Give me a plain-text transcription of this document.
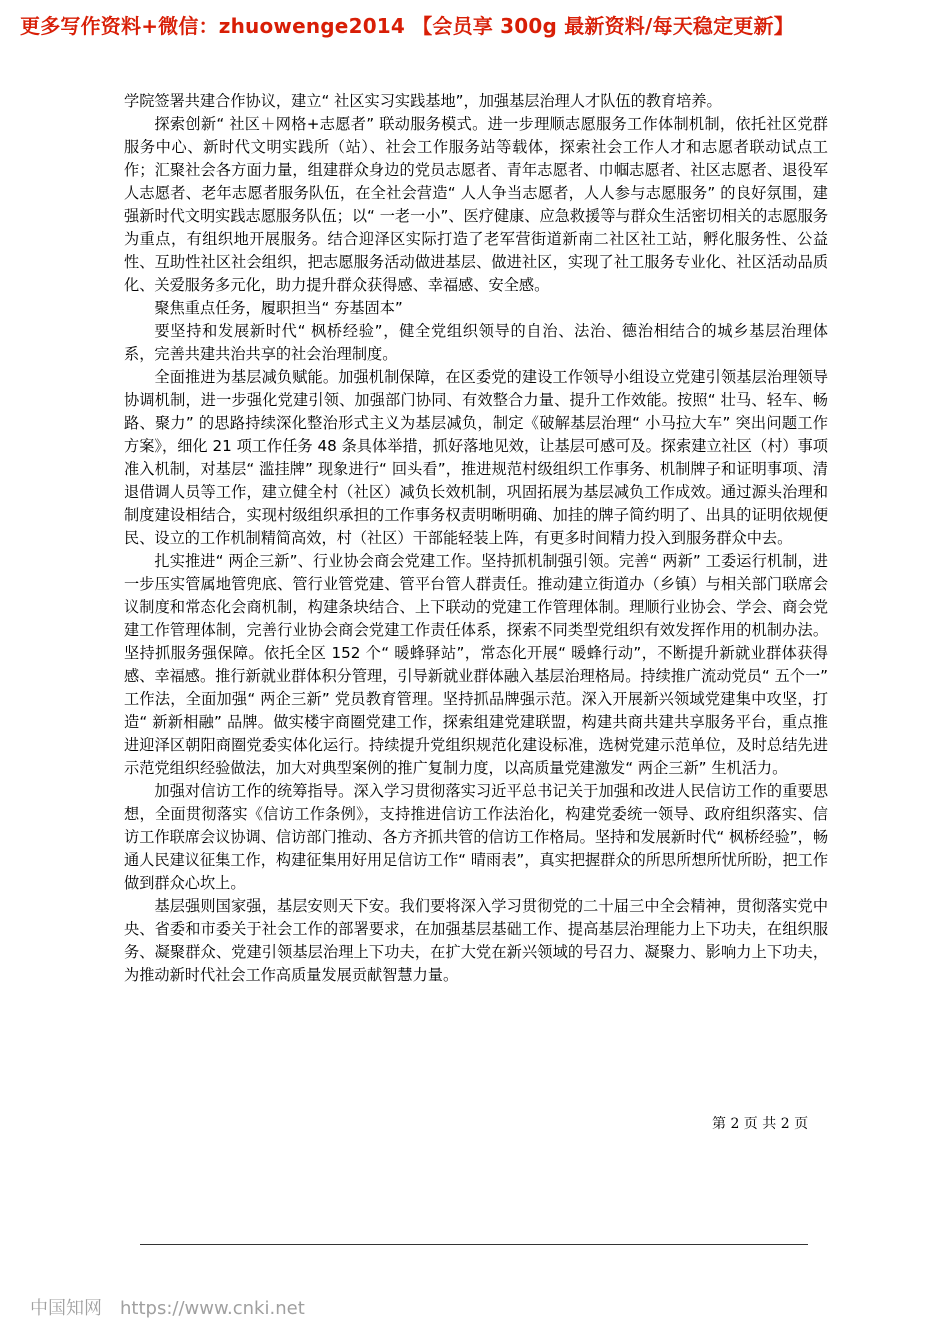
更多写作资料+微信：zhuowenge2014 【会员享 300g 最新资料/每天稳定更新】

学院签署共建合作协议，建立“ 社区实习实践基地”，加强基层治理人才队伍的教育培养。

探索创新“ 社区＋网格+志愿者” 联动服务模式。进一步理顺志愿服务工作体制机制，依托社区党群服务中心、新时代文明实践所（站）、社会工作服务站等载体，探索社会工作人才和志愿者联动试点工作；汇聚社会各方面力量，组建群众身边的党员志愿者、青年志愿者、巾帼志愿者、社区志愿者、退役军人志愿者、老年志愿者服务队伍，在全社会营造“ 人人争当志愿者，人人参与志愿服务” 的良好氛围，建强新时代文明实践志愿服务队伍；以“ 一老一小”、医疗健康、应急救援等与群众生活密切相关的志愿服务为重点，有组织地开展服务。结合迎泽区实际打造了老军营街道新南二社区社工站，孵化服务性、公益性、互助性社区社会组织，把志愿服务活动做进基层、做进社区，实现了社工服务专业化、社区活动品质化、关爱服务多元化，助力提升群众获得感、幸福感、安全感。

聚焦重点任务，履职担当“ 夯基固本”

要坚持和发展新时代“ 枫桥经验”，健全党组织领导的自治、法治、德治相结合的城乡基层治理体系，完善共建共治共享的社会治理制度。

全面推进为基层减负赋能。加强机制保障，在区委党的建设工作领导小组设立党建引领基层治理领导协调机制，进一步强化党建引领、加强部门协同、有效整合力量、提升工作效能。按照“ 壮马、轻车、畅路、聚力” 的思路持续深化整治形式主义为基层减负，制定《破解基层治理“ 小马拉大车” 突出问题工作方案》，细化 21 项工作任务 48 条具体举措，抓好落地见效，让基层可感可及。探索建立社区（村）事项准入机制，对基层“ 滥挂牌” 现象进行“ 回头看”，推进规范村级组织工作事务、机制牌子和证明事项、清退借调人员等工作，建立健全村（社区）减负长效机制，巩固拓展为基层减负工作成效。通过源头治理和制度建设相结合，实现村级组织承担的工作事务权责明晰明确、加挂的牌子简约明了、出具的证明依规便民、设立的工作机制精简高效，村（社区）干部能轻装上阵，有更多时间精力投入到服务群众中去。

扎实推进“ 两企三新”、行业协会商会党建工作。坚持抓机制强引领。完善“ 两新” 工委运行机制，进一步压实管属地管兜底、管行业管党建、管平台管人群责任。推动建立街道办（乡镇）与相关部门联席会议制度和常态化会商机制，构建条块结合、上下联动的党建工作管理体制。理顺行业协会、学会、商会党建工作管理体制，完善行业协会商会党建工作责任体系，探索不同类型党组织有效发挥作用的机制办法。坚持抓服务强保障。依托全区 152 个“ 暖蜂驿站”，常态化开展“ 暖蜂行动”，不断提升新就业群体获得感、幸福感。推行新就业群体积分管理，引导新就业群体融入基层治理格局。持续推广流动党员“ 五个一” 工作法，全面加强“ 两企三新” 党员教育管理。坚持抓品牌强示范。深入开展新兴领域党建集中攻坚，打造“ 新新相融” 品牌。做实楼宇商圈党建工作，探索组建党建联盟，构建共商共建共享服务平台，重点推进迎泽区朝阳商圈党委实体化运行。持续提升党组织规范化建设标准，选树党建示范单位，及时总结先进示范党组织经验做法，加大对典型案例的推广复制力度，以高质量党建激发“ 两企三新” 生机活力。

加强对信访工作的统筹指导。深入学习贯彻落实习近平总书记关于加强和改进人民信访工作的重要思想，全面贯彻落实《信访工作条例》，支持推进信访工作法治化，构建党委统一领导、政府组织落实、信访工作联席会议协调、信访部门推动、各方齐抓共管的信访工作格局。坚持和发展新时代“ 枫桥经验”，畅通人民建议征集工作，构建征集用好用足信访工作“ 晴雨表”，真实把握群众的所思所想所忧所盼，把工作做到群众心坎上。

基层强则国家强，基层安则天下安。我们要将深入学习贯彻党的二十届三中全会精神，贯彻落实党中央、省委和市委关于社会工作的部署要求，在加强基层基础工作、提高基层治理能力上下功夫，在组织服务、凝聚群众、党建引领基层治理上下功夫，在扩大党在新兴领域的号召力、凝聚力、影响力上下功夫，为推动新时代社会工作高质量发展贡献智慧力量。

第 2 页 共 2 页
中国知网 https://www.cnki.net
